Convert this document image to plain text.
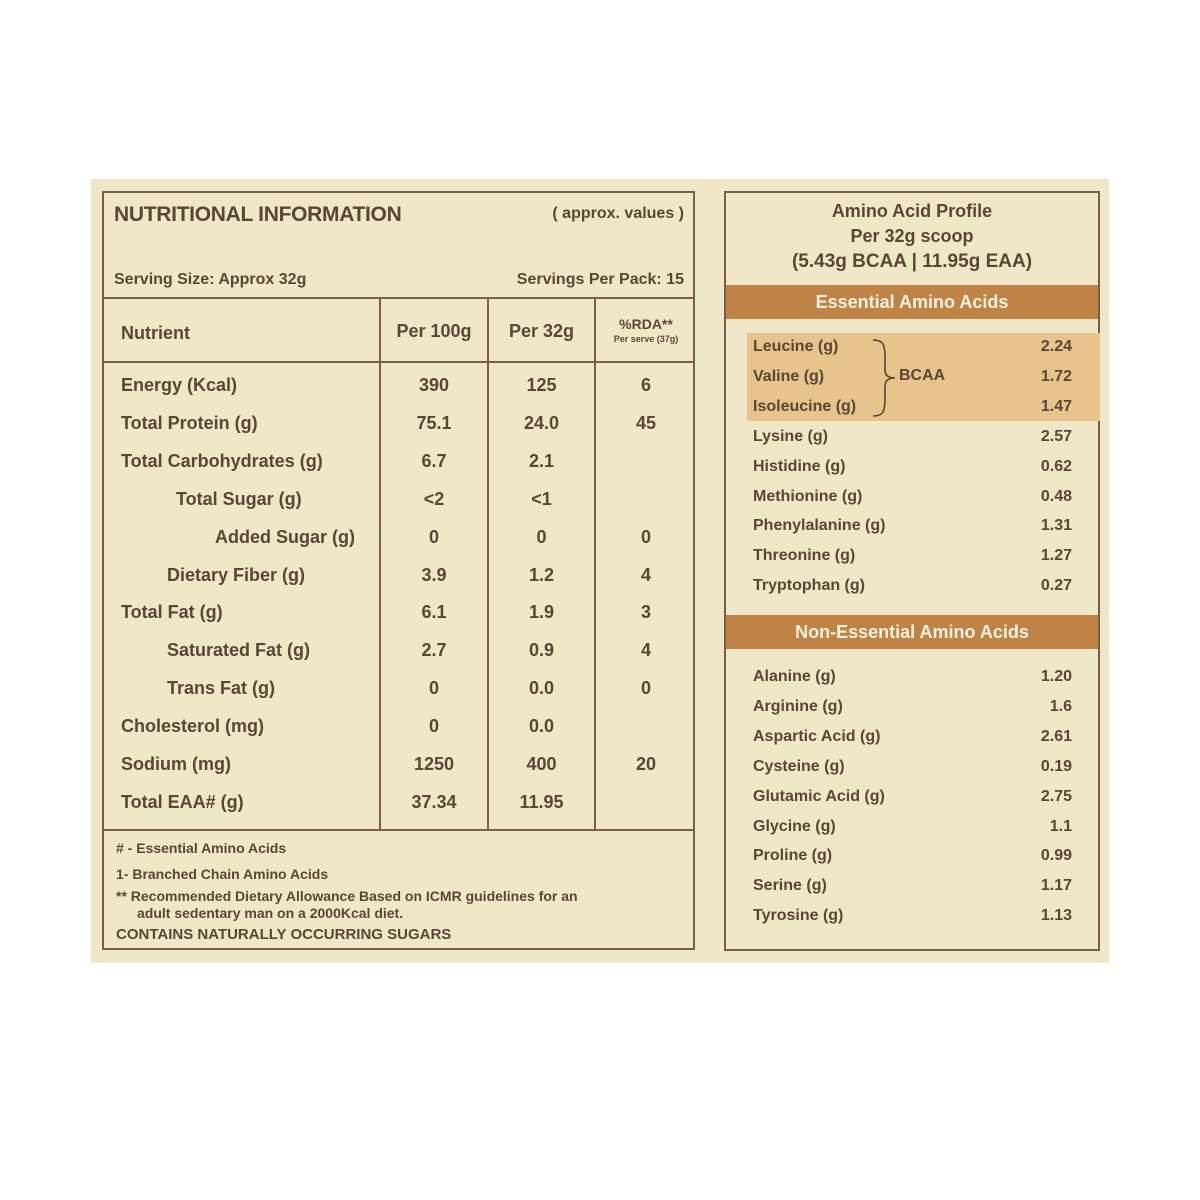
NUTRITIONAL INFORMATION	( approx. values )
Serving Size: Approx 32g	Servings Per Pack: 15
Nutrient	Per 100g	Per 32g	%RDA**
Per serve (37g)
Energy (Kcal)	390	125	6
Total Protein (g)	75.1	24.0	45
Total Carbohydrates (g)	6.7	2.1
Total Sugar (g)	<2	<1
Added Sugar (g)	0	0	0
Dietary Fiber (g)	3.9	1.2	4
Total Fat (g)	6.1	1.9	3
Saturated Fat (g)	2.7	0.9	4
Trans Fat (g)	0	0.0	0
Cholesterol (mg)	0	0.0
Sodium (mg)	1250	400	20
Total EAA# (g)	37.34	11.95
# - Essential Amino Acids
1- Branched Chain Amino Acids
** Recommended Dietary Allowance Based on ICMR guidelines for an
adult sedentary man on a 2000Kcal diet.
CONTAINS NATURALLY OCCURRING SUGARS
Amino Acid Profile
Per 32g scoop
(5.43g BCAA | 11.95g EAA)
Essential Amino Acids
BCAA
Leucine (g)	2.24
Valine (g)	1.72
Isoleucine (g)	1.47
Lysine (g)	2.57
Histidine (g)	0.62
Methionine (g)	0.48
Phenylalanine (g)	1.31
Threonine (g)	1.27
Tryptophan (g)	0.27
Non-Essential Amino Acids
Alanine (g)	1.20
Arginine (g)	1.6
Aspartic Acid (g)	2.61
Cysteine (g)	0.19
Glutamic Acid (g)	2.75
Glycine (g)	1.1
Proline (g)	0.99
Serine (g)	1.17
Tyrosine (g)	1.13
